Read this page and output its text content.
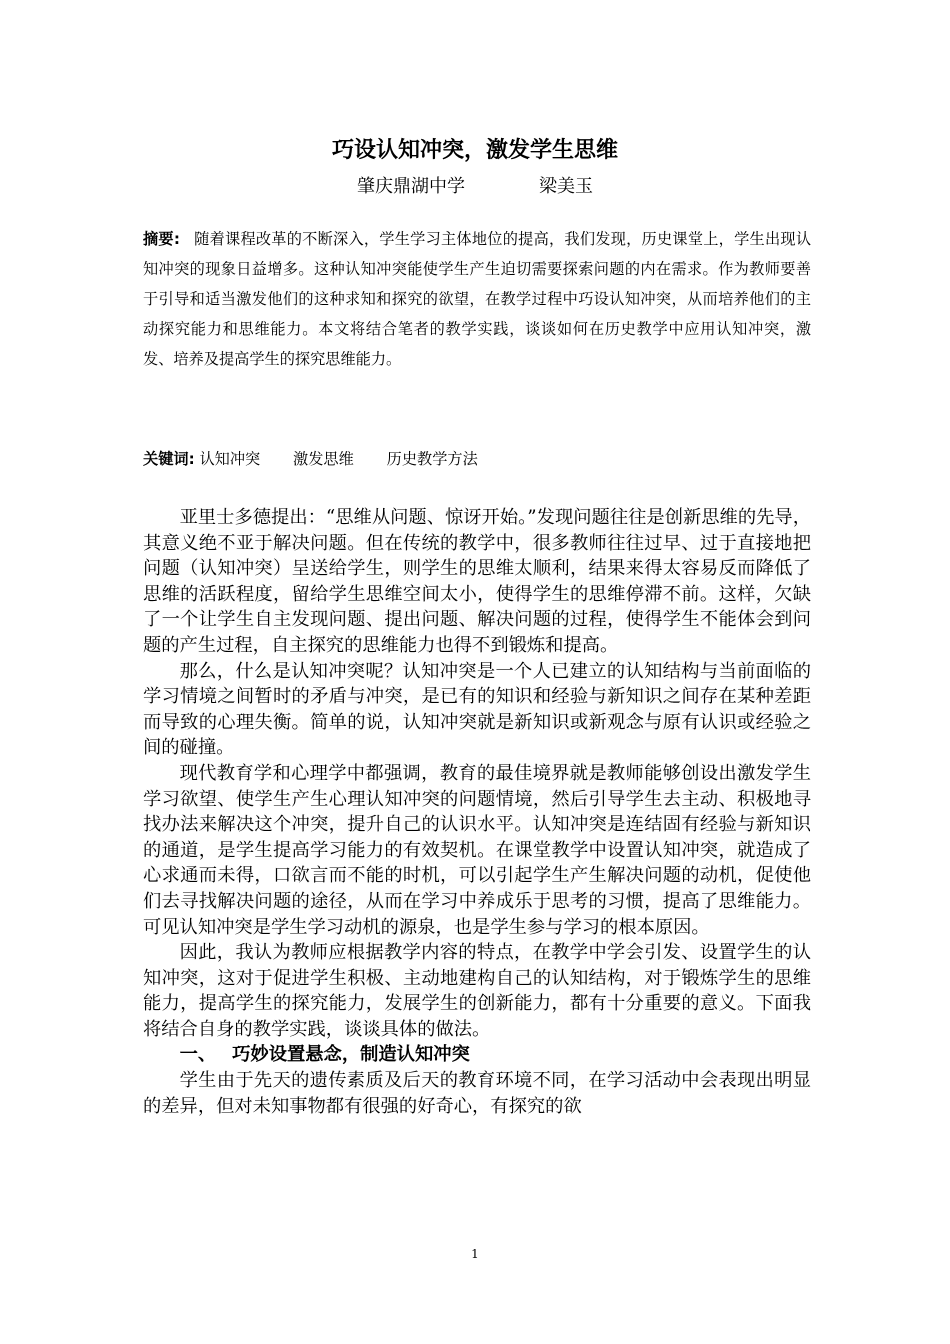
巧设认知冲突，激发学生思维
肇庆鼎湖中学	梁美玉
摘要: 随着课程改革的不断深入，学生学习主体地位的提高，我们发现，历史课堂上，学生出现认知冲突的现象日益增多。这种认知冲突能使学生产生迫切需要探索问题的内在需求。作为教师要善于引导和适当激发他们的这种求知和探究的欲望，在教学过程中巧设认知冲突，从而培养他们的主动探究能力和思维能力。本文将结合笔者的教学实践，谈谈如何在历史教学中应用认知冲突，激发、培养及提高学生的探究思维能力。
关键词: 认知冲突 激发思维 历史教学方法

亚里士多德提出：“思维从问题、惊讶开始。”发现问题往往是创新思维的先导，其意义绝不亚于解决问题。但在传统的教学中，很多教师往往过早、过于直接地把问题（认知冲突）呈送给学生，则学生的思维太顺利，结果来得太容易反而降低了思维的活跃程度，留给学生思维空间太小，使得学生的思维停滞不前。这样，欠缺了一个让学生自主发现问题、提出问题、解决问题的过程，使得学生不能体会到问题的产生过程，自主探究的思维能力也得不到锻炼和提高。

那么，什么是认知冲突呢？认知冲突是一个人已建立的认知结构与当前面临的学习情境之间暂时的矛盾与冲突，是已有的知识和经验与新知识之间存在某种差距而导致的心理失衡。简单的说，认知冲突就是新知识或新观念与原有认识或经验之间的碰撞。

现代教育学和心理学中都强调，教育的最佳境界就是教师能够创设出激发学生学习欲望、使学生产生心理认知冲突的问题情境，然后引导学生去主动、积极地寻找办法来解决这个冲突，提升自己的认识水平。认知冲突是连结固有经验与新知识的通道，是学生提高学习能力的有效契机。在课堂教学中设置认知冲突，就造成了心求通而未得，口欲言而不能的时机，可以引起学生产生解决问题的动机，促使他们去寻找解决问题的途径，从而在学习中养成乐于思考的习惯，提高了思维能力。可见认知冲突是学生学习动机的源泉，也是学生参与学习的根本原因。

因此，我认为教师应根据教学内容的特点，在教学中学会引发、设置学生的认知冲突，这对于促进学生积极、主动地建构自己的认知结构，对于锻炼学生的思维能力，提高学生的探究能力，发展学生的创新能力，都有十分重要的意义。下面我将结合自身的教学实践，谈谈具体的做法。

一、 巧妙设置悬念，制造认知冲突

学生由于先天的遗传素质及后天的教育环境不同，在学习活动中会表现出明显的差异，但对未知事物都有很强的好奇心，有探究的欲

1
